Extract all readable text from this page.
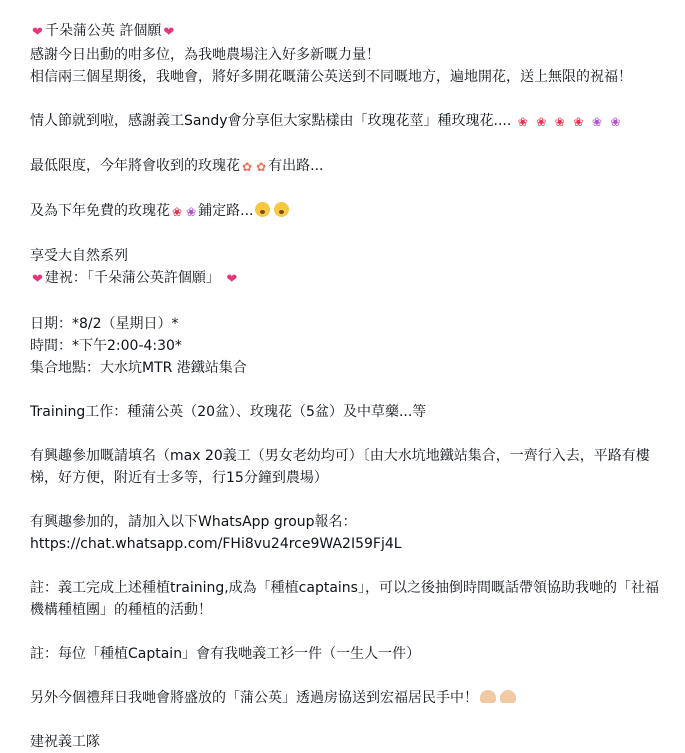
❤ 千朵蒲公英 許個願 ❤
感謝今日出動的咁多位，為我哋農場注入好多新嘅力量！
相信兩三個星期後，我哋會，將好多開花嘅蒲公英送到不同嘅地方，遍地開花，送上無限的祝福！
情人節就到啦，感謝義工Sandy會分享佢大家點樣由「玫瑰花莖」種玫瑰花.... ❀ ❀ ❀ ❀ ❀ ❀
最低限度，今年將會收到的玫瑰花 ✿ ✿ 有出路...
及為下年免費的玫瑰花 ❀ ❀ 鋪定路...
享受大自然系列
❤ 建祝：「千朵蒲公英許個願」 ❤
日期：*8/2（星期日）*
時間：*下午2:00-4:30*
集合地點：大水坑MTR 港鐵站集合
Training工作：種蒲公英（20盆）、玫瑰花（5盆）及中草藥...等
有興趣參加嘅請填名（max 20義工（男女老幼均可）〔由大水坑地鐵站集合，一齊行入去，平路有樓梯，好方便，附近有士多等，行15分鐘到農場）
有興趣參加的，請加入以下WhatsApp group報名：
https://chat.whatsapp.com/FHi8vu24rce9WA2I59Fj4L
註：義工完成上述種植training,成為「種植captains」，可以之後抽倒時間嘅話帶領協助我哋的「社福機構種植團」的種植的活動！
註：每位「種植Captain」會有我哋義工衫一件（一生人一件）
另外今個禮拜日我哋會將盛放的「蒲公英」透過房協送到宏福居民手中！
建祝義工隊
